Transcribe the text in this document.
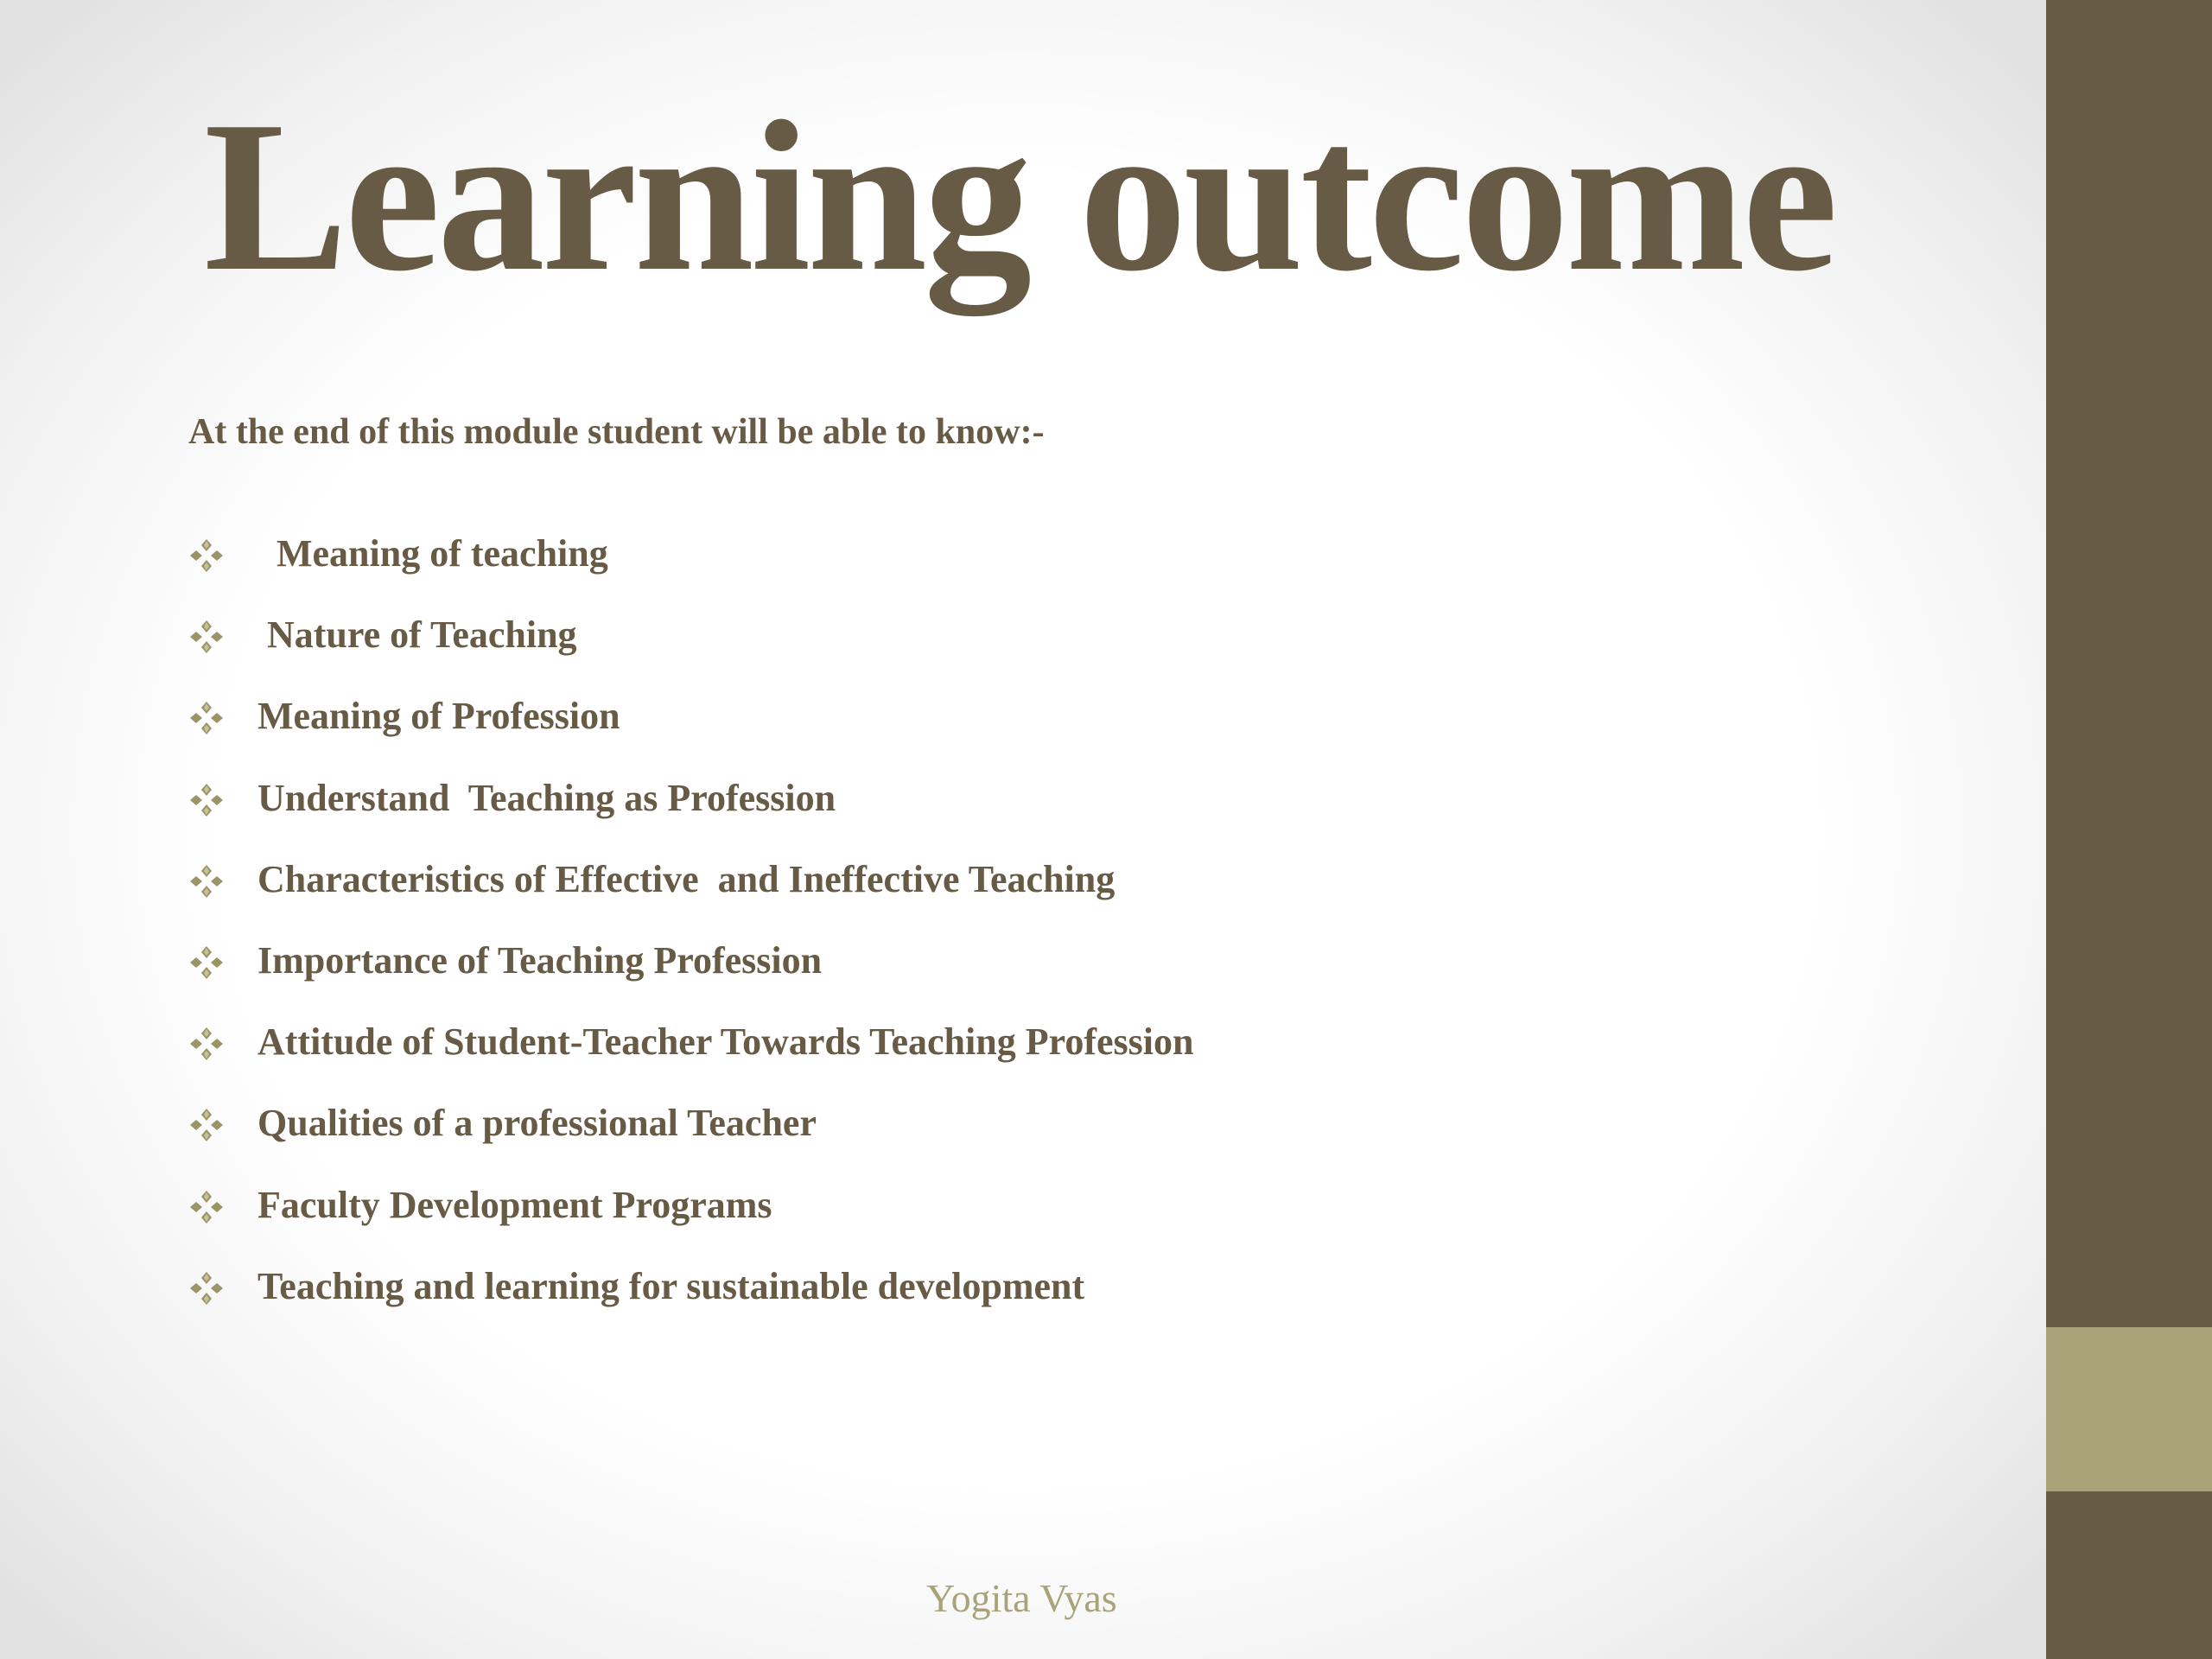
Learning outcome

At the end of this module student will be able to know:-

Meaning of teaching
Nature of Teaching
Meaning of Profession
Understand  Teaching as Profession
Characteristics of Effective  and Ineffective Teaching
Importance of Teaching Profession
Attitude of Student-Teacher Towards Teaching Profession
Qualities of a professional Teacher
Faculty Development Programs
Teaching and learning for sustainable development

Yogita Vyas
